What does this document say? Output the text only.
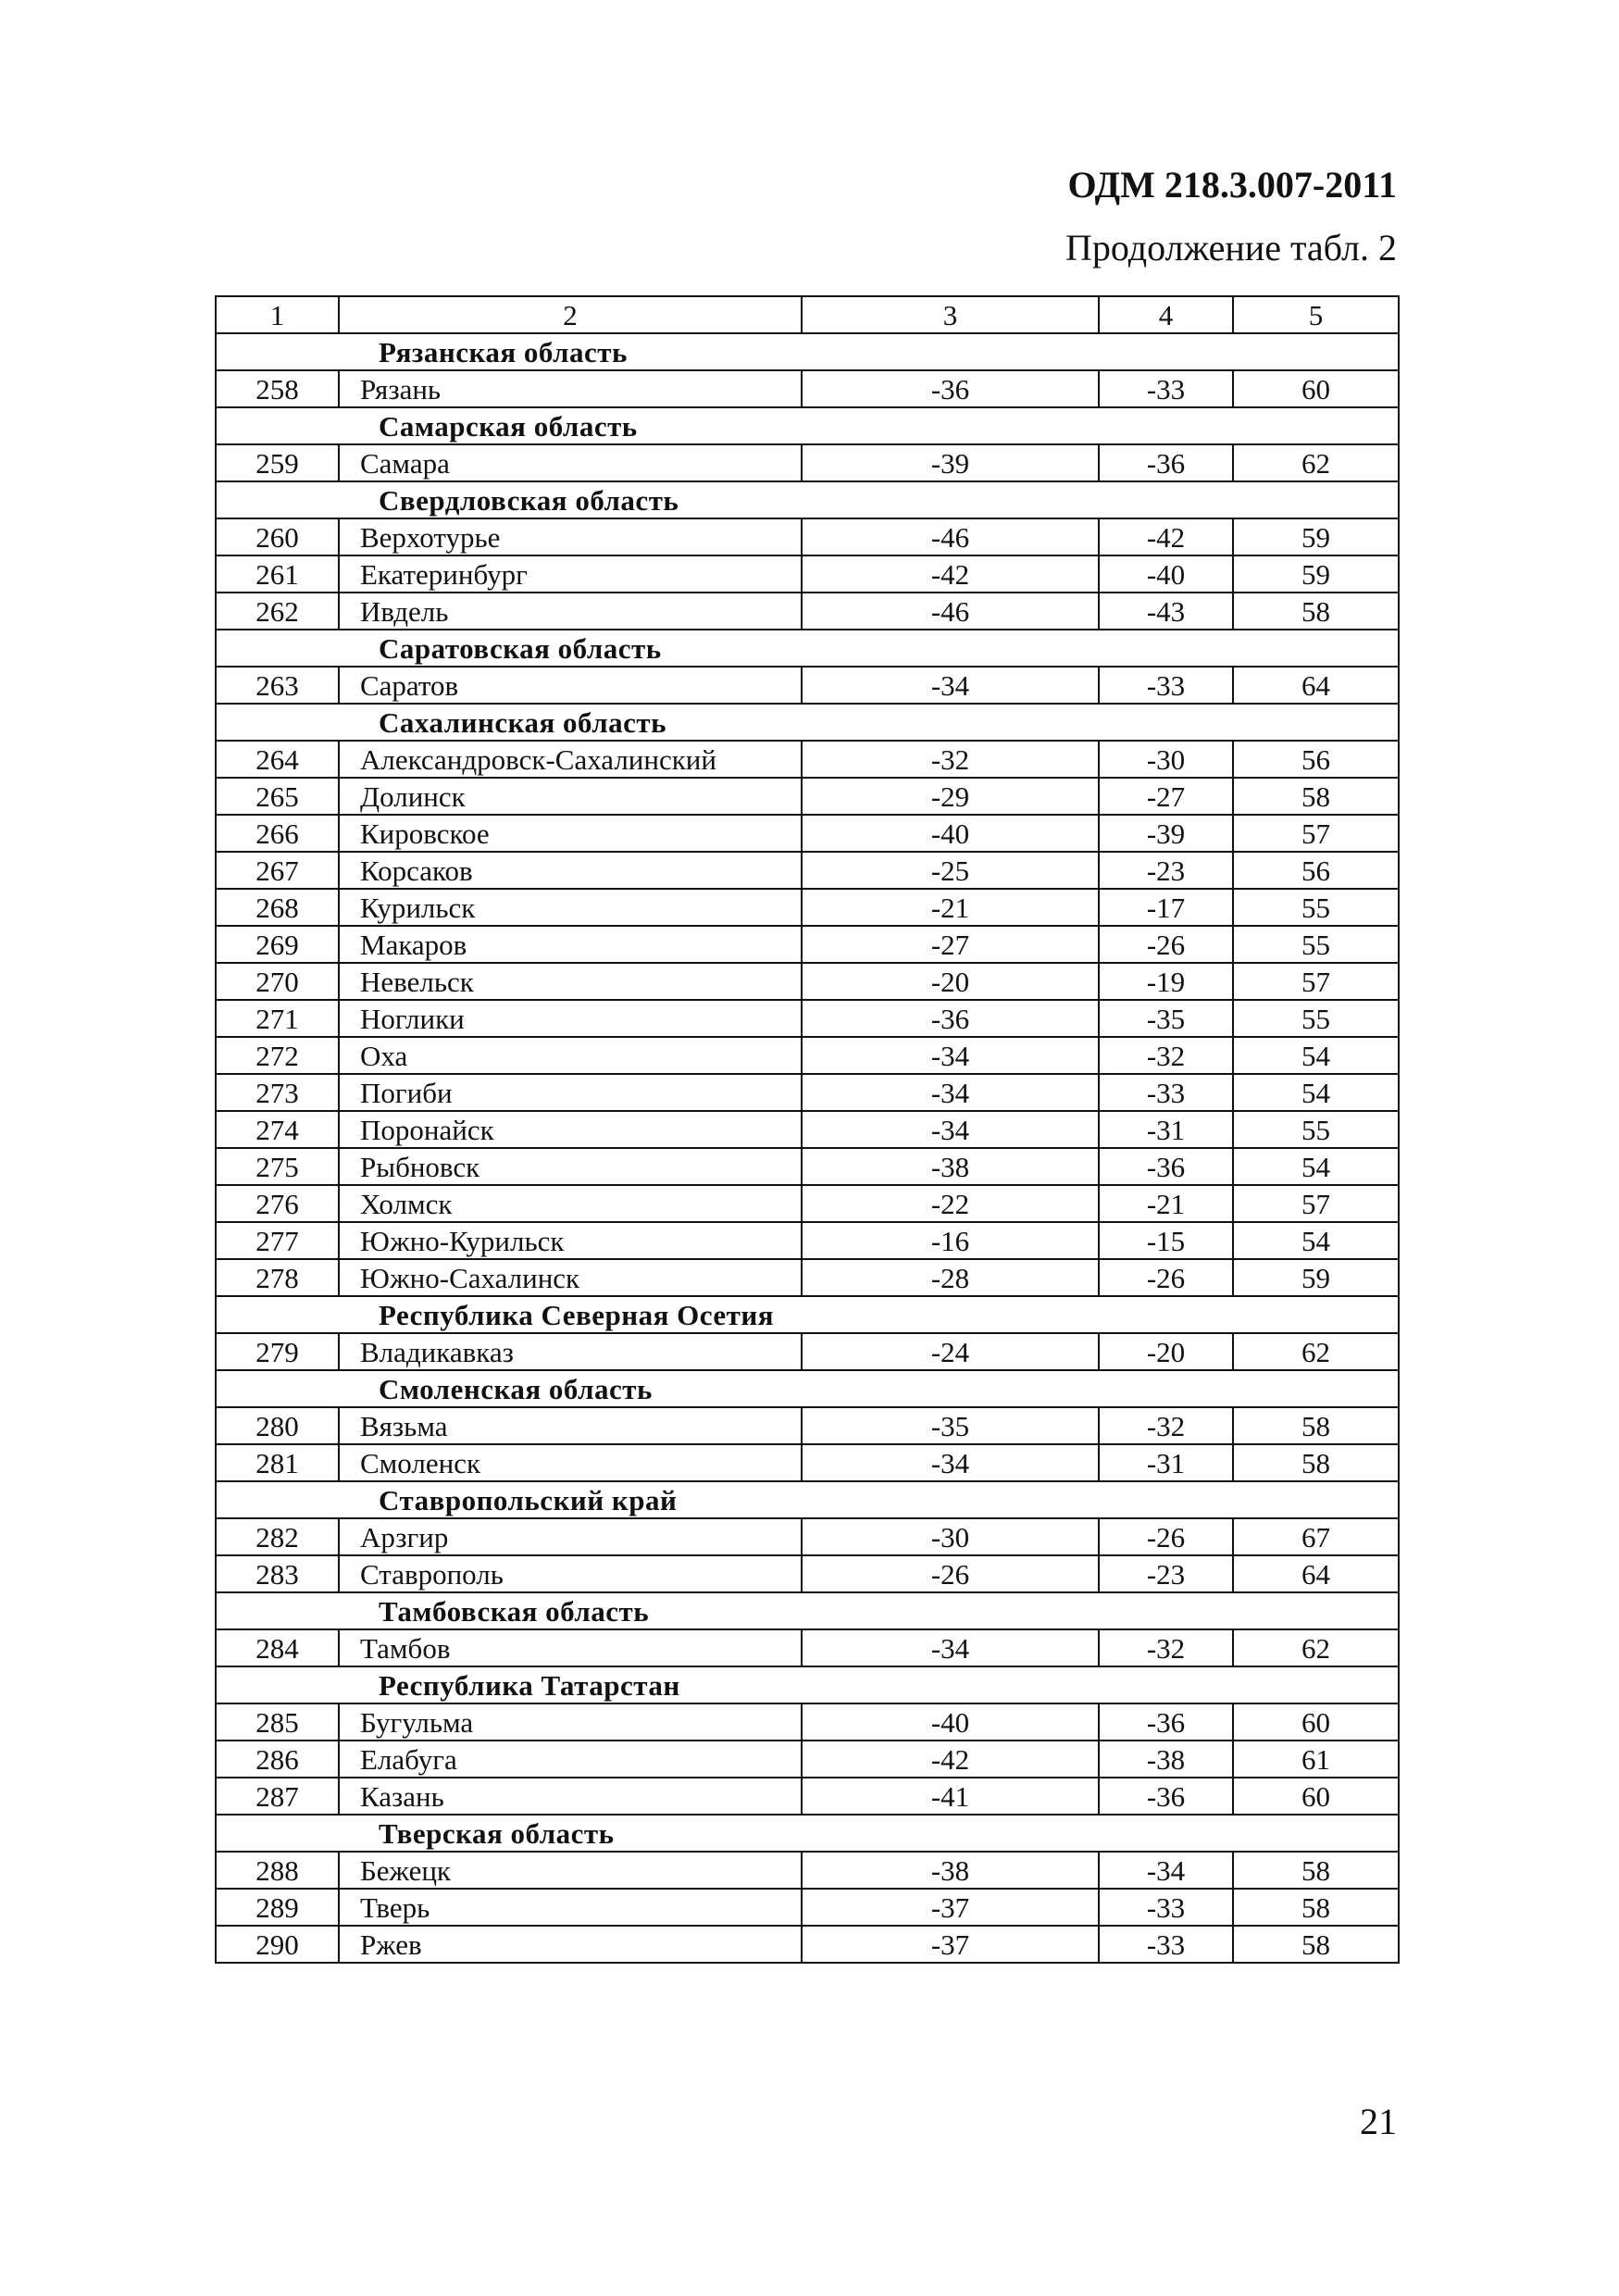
ОДМ 218.3.007-2011
Продолжение табл. 2
1	2	3	4	5
Рязанская область				
258	Рязань	-36	-33	60
Самарская область				
259	Самара	-39	-36	62
Свердловская область				
260	Верхотурье	-46	-42	59
261	Екатеринбург	-42	-40	59
262	Ивдель	-46	-43	58
Саратовская область				
263	Саратов	-34	-33	64
Сахалинская область				
264	Александровск-Сахалинский	-32	-30	56
265	Долинск	-29	-27	58
266	Кировское	-40	-39	57
267	Корсаков	-25	-23	56
268	Курильск	-21	-17	55
269	Макаров	-27	-26	55
270	Невельск	-20	-19	57
271	Ноглики	-36	-35	55
272	Оха	-34	-32	54
273	Погиби	-34	-33	54
274	Поронайск	-34	-31	55
275	Рыбновск	-38	-36	54
276	Холмск	-22	-21	57
277	Южно-Курильск	-16	-15	54
278	Южно-Сахалинск	-28	-26	59
Республика Северная Осетия				
279	Владикавказ	-24	-20	62
Смоленская область				
280	Вязьма	-35	-32	58
281	Смоленск	-34	-31	58
Ставропольский край				
282	Арзгир	-30	-26	67
283	Ставрополь	-26	-23	64
Тамбовская область				
284	Тамбов	-34	-32	62
Республика Татарстан				
285	Бугульма	-40	-36	60
286	Елабуга	-42	-38	61
287	Казань	-41	-36	60
Тверская область				
288	Бежецк	-38	-34	58
289	Тверь	-37	-33	58
290	Ржев	-37	-33	58
21
